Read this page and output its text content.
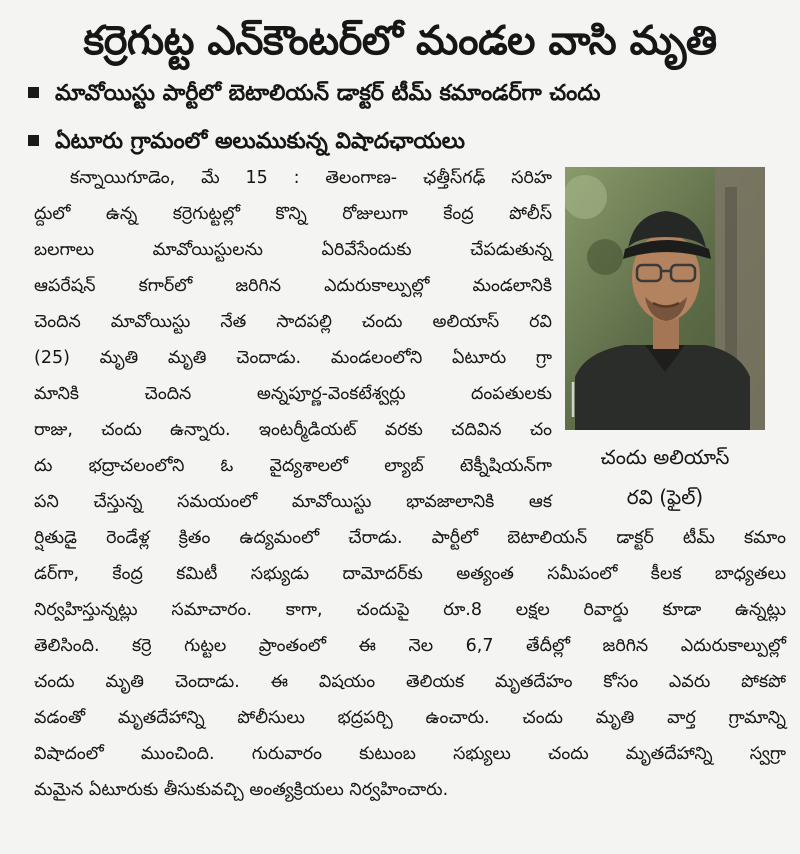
కర్రెగుట్ట ఎన్‌కౌంటర్‌లో మండల వాసి మృతి
మావోయిస్టు పార్టీలో బెటాలియన్ డాక్టర్ టీమ్ కమాండర్‌గా చందు
ఏటూరు గ్రామంలో అలుముకున్న విషాదఛాయలు
చందు అలియాస్
రవి (ఫైల్)
కన్నాయిగూడెం, మే 15 : తెలంగాణ- ఛత్తీస్‌గఢ్ సరిహ
ద్దులో ఉన్న కర్రెగుట్టల్లో కొన్ని రోజులుగా కేంద్ర పోలీస్
బలగాలు మావోయిస్టులను ఏరివేసేందుకు చేపడుతున్న
ఆపరేషన్ కగార్‌లో జరిగిన ఎదురుకాల్పుల్లో మండలానికి
చెందిన మావోయిస్టు నేత సాదపల్లి చందు అలియాస్ రవి
(25) మృతి మృతి చెందాడు. మండలంలోని ఏటూరు గ్రా
మానికి చెందిన అన్నపూర్ణ-వెంకటేశ్వర్లు దంపతులకు
రాజు, చందు ఉన్నారు. ఇంటర్మీడియట్ వరకు చదివిన చం
దు భద్రాచలంలోని ఓ వైద్యశాలలో ల్యాబ్ టెక్నీషియన్‌గా
పని చేస్తున్న సమయంలో మావోయిస్టు భావజాలానికి ఆక
ర్షితుడై రెండేళ్ల క్రితం ఉద్యమంలో చేరాడు. పార్టీలో బెటాలియన్ డాక్టర్ టీమ్ కమాం
డర్‌గా, కేంద్ర కమిటీ సభ్యుడు దామోదర్‌కు అత్యంత సమీపంలో కీలక బాధ్యతలు
నిర్వహిస్తున్నట్లు సమాచారం. కాగా, చందుపై రూ.8 లక్షల రివార్డు కూడా ఉన్నట్లు
తెలిసింది. కర్రె గుట్టల ప్రాంతంలో ఈ నెల 6,7 తేదీల్లో జరిగిన ఎదురుకాల్పుల్లో
చందు మృతి చెందాడు. ఈ విషయం తెలియక మృతదేహం కోసం ఎవరు పోకపో
వడంతో మృతదేహాన్ని పోలీసులు భద్రపర్చి ఉంచారు. చందు మృతి వార్త గ్రామాన్ని
విషాదంలో ముంచింది. గురువారం కుటుంబ సభ్యులు చందు మృతదేహాన్ని స్వగ్రా
మమైన ఏటూరుకు తీసుకువచ్చి అంత్యక్రియలు నిర్వహించారు.
